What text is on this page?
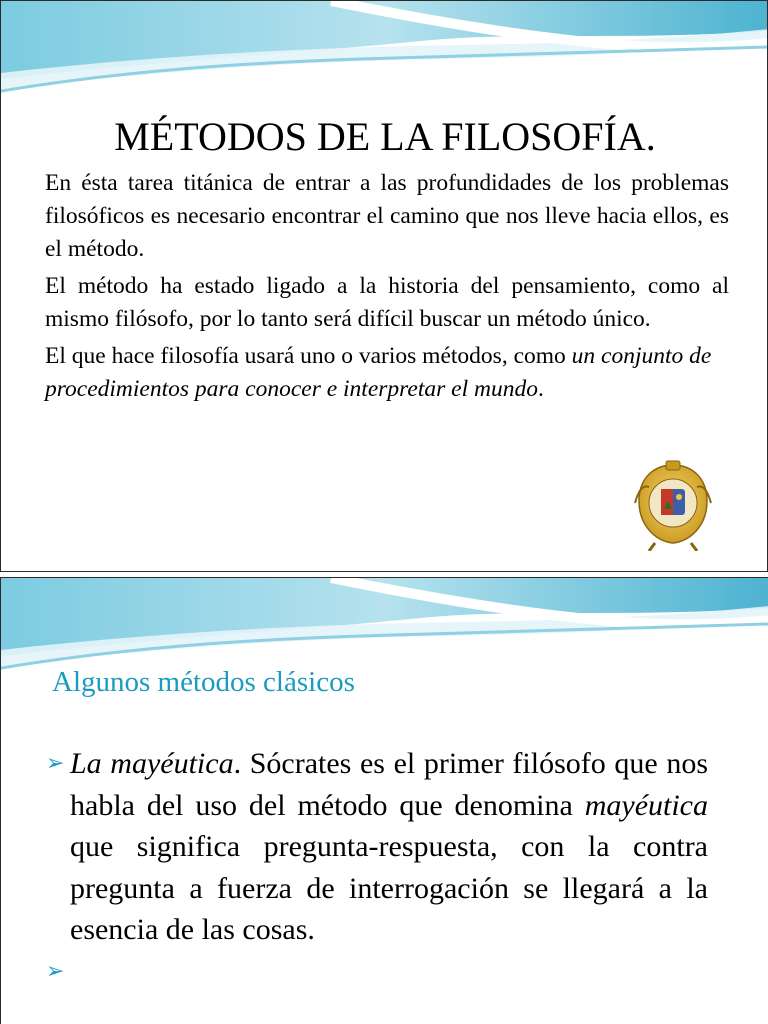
MÉTODOS DE LA FILOSOFÍA.

En ésta tarea titánica de entrar a las profundidades de los problemas filosóficos es necesario encontrar el camino que nos lleve hacia ellos, es el método.

El método ha estado ligado a la historia del pensamiento, como al mismo filósofo, por lo tanto será difícil buscar un método único.

El que hace filosofía usará uno o varios métodos, como un conjunto de procedimientos para conocer e interpretar el mundo.

Algunos métodos clásicos

➢ La mayéutica. Sócrates es el primer filósofo que nos habla del uso del método que denomina mayéutica que significa pregunta-respuesta, con la contra pregunta a fuerza de interrogación se llegará a la esencia de las cosas.

➢
